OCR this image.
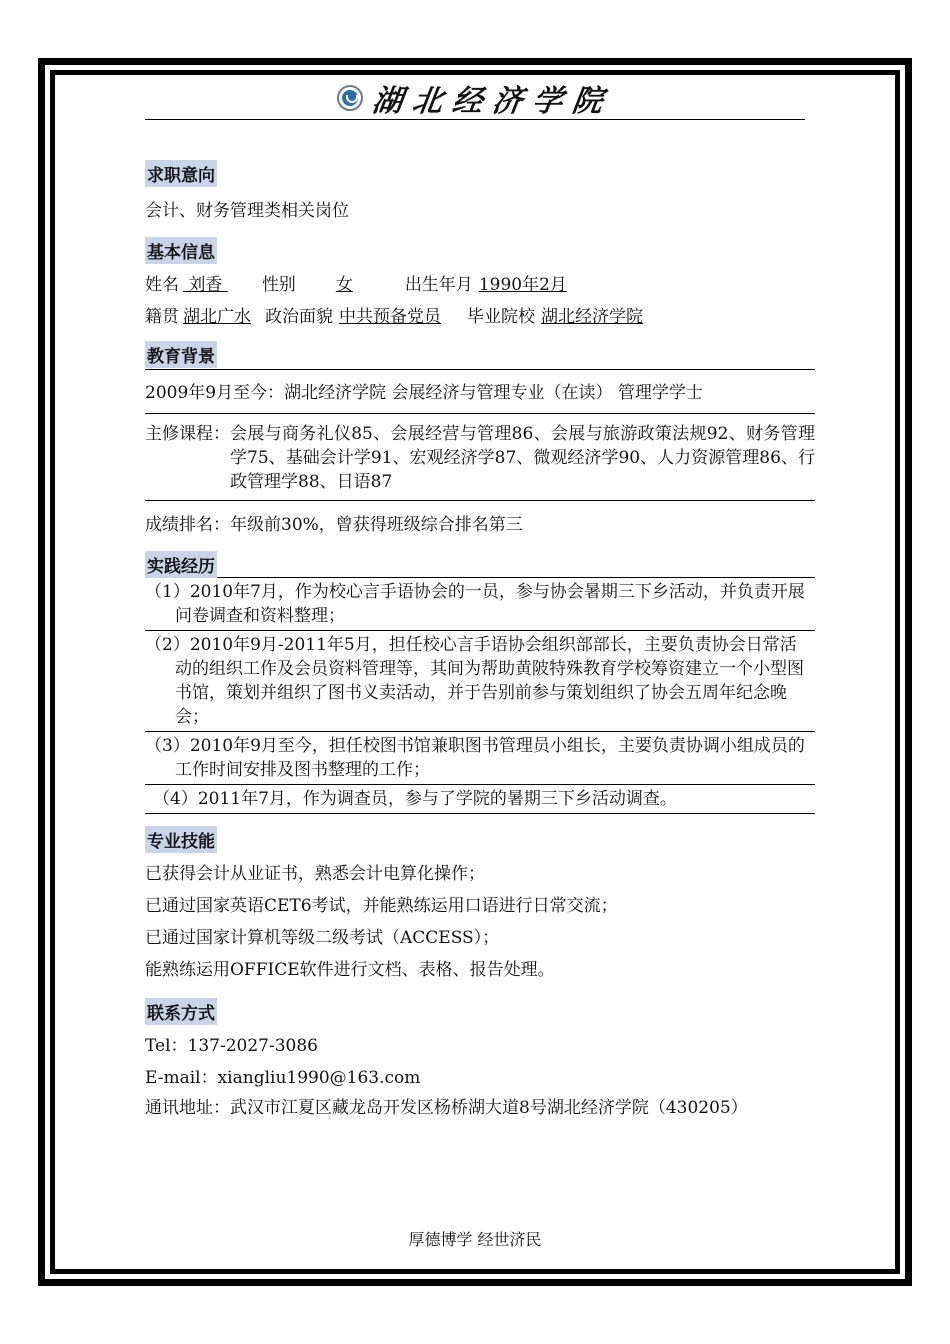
湖北经济学院
求职意向
会计、财务管理类相关岗位
基本信息
姓名 刘香 性别	女	出生年月 1990年2月
籍贯 湖北广水 政治面貌 中共预备党员 毕业院校 湖北经济学院
教育背景
2009年9月至今：湖北经济学院 会展经济与管理专业（在读） 管理学学士
主修课程： 会展与商务礼仪85、会展经营与管理86、会展与旅游政策法规92、财务管理学75、基础会计学91、宏观经济学87、微观经济学90、人力资源管理86、行政管理学88、日语87
成绩排名：年级前30%，曾获得班级综合排名第三
实践经历
（1）2010年7月，作为校心言手语协会的一员，参与协会暑期三下乡活动，并负责开展问卷调查和资料整理；
（2）2010年9月-2011年5月，担任校心言手语协会组织部部长，主要负责协会日常活动的组织工作及会员资料管理等，其间为帮助黄陂特殊教育学校筹资建立一个小型图书馆，策划并组织了图书义卖活动，并于告别前参与策划组织了协会五周年纪念晚会；
（3）2010年9月至今，担任校图书馆兼职图书管理员小组长，主要负责协调小组成员的工作时间安排及图书整理的工作；
（4）2011年7月，作为调查员，参与了学院的暑期三下乡活动调查。
专业技能
已获得会计从业证书，熟悉会计电算化操作；
已通过国家英语CET6考试，并能熟练运用口语进行日常交流；
已通过国家计算机等级二级考试（ACCESS）；
能熟练运用OFFICE软件进行文档、表格、报告处理。
联系方式
Tel：137-2027-3086
E-mail：xiangliu1990@163.com
通讯地址：武汉市江夏区藏龙岛开发区杨桥湖大道8号湖北经济学院（430205）
厚德博学 经世济民
